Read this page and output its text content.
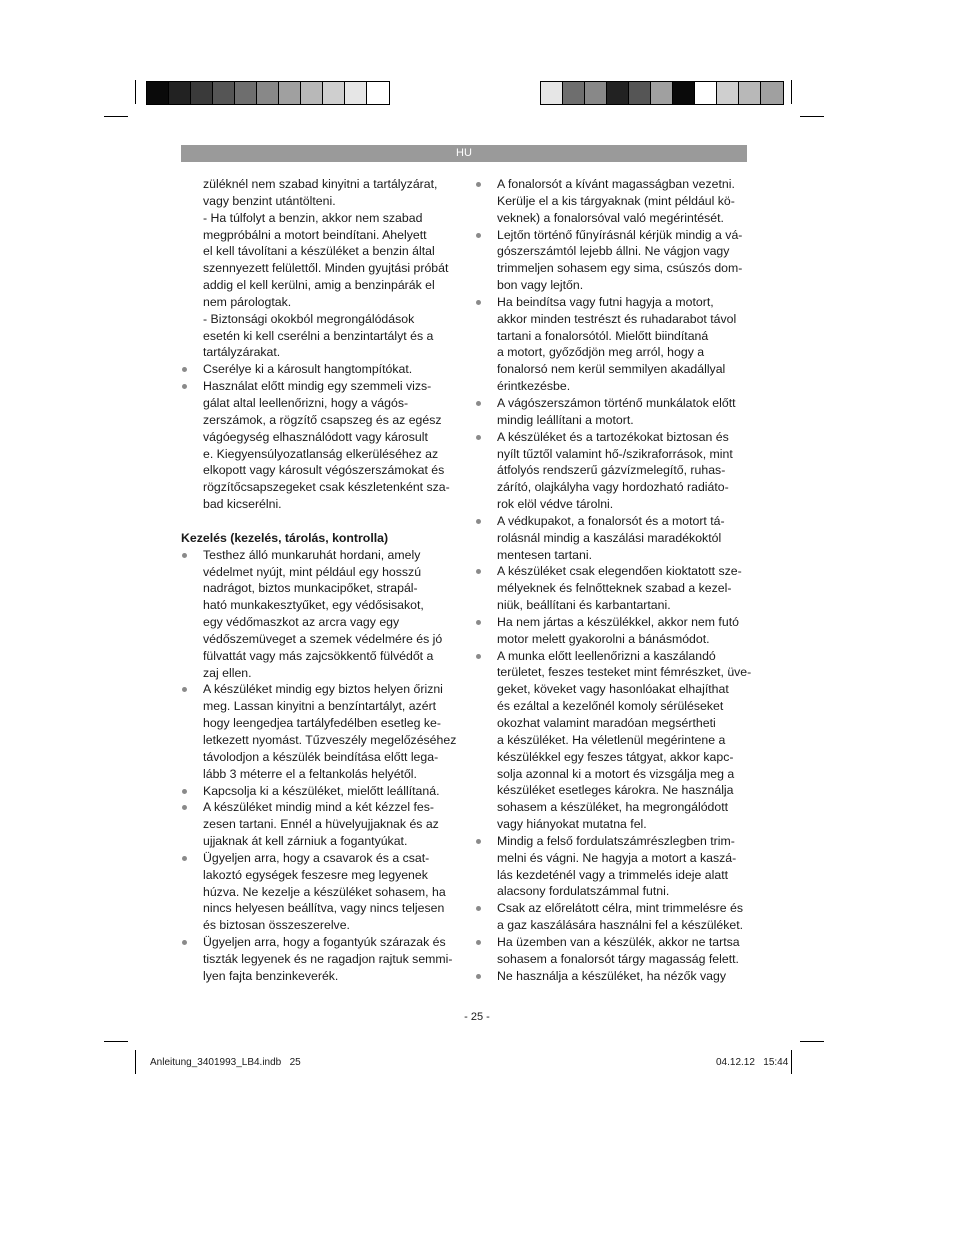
HU
züléknél nem szabad kinyitni a tartályzárat,
vagy benzint utántölteni.
- Ha túlfolyt a benzin, akkor nem szabad
megpróbálni a motort beindítani. Ahelyett
el kell távolítani a készüléket a benzin által
szennyezett felülettől. Minden gyujtási próbát
addig el kell kerülni, amig a benzinpárák el
nem párologtak.
- Biztonsági okokból megrongálódások
esetén ki kell cserélni a benzintartályt és a
tartályzárakat.
Cserélye ki a károsult hangtompítókat.
Használat előtt mindig egy szemmeli vizs-
gálat altal leellenőrizni, hogy a vágós-
zerszámok, a rögzítő csapszeg és az egész
vágóegység elhasználódott vagy károsult
e. Kiegyensúlyozatlanság elkerüléséhez az
elkopott vagy károsult végószerszámokat és
rögzítőcsapszegeket csak készletenként sza-
bad kicserélni.
Kezelés (kezelés, tárolás, kontrolla)
Testhez álló munkaruhát hordani, amely
védelmet nyújt, mint például egy hosszú
nadrágot, biztos munkacipőket, strapál-
ható munkakesztyűket, egy védősisakot,
egy védőmaszkot az arcra vagy egy
védőszemüveget a szemek védelmére és jó
fülvattát vagy más zajcsökkentő fülvédőt a
zaj ellen.
A készüléket mindig egy biztos helyen őrizni
meg. Lassan kinyitni a benzíntartályt, azért
hogy leengedjea tartályfedélben esetleg ke-
letkezett nyomást. Tűzveszély megelőzéséhez
távolodjon a készülék beindítása előtt lega-
lább 3 méterre el a feltankolás helyétől.
Kapcsolja ki a készüléket, mielőtt leállítaná.
A készüléket mindig mind a két kézzel fes-
zesen tartani. Ennél a hüvelyujjaknak és az
ujjaknak át kell zárniuk a fogantyúkat.
Ügyeljen arra, hogy a csavarok és a csat-
lakoztó egységek feszesre meg legyenek
húzva. Ne kezelje a készüléket sohasem, ha
nincs helyesen beállítva, vagy nincs teljesen
és biztosan összeszerelve.
Ügyeljen arra, hogy a fogantyúk szárazak és
tiszták legyenek és ne ragadjon rajtuk semmi-
lyen fajta benzinkeverék.
A fonalorsót a kívánt magasságban vezetni.
Kerülje el a kis tárgyaknak (mint például kö-
veknek) a fonalorsóval való megérintését.
Lejtőn történő fűnyírásnál kérjük mindig a vá-
gószerszámtól lejebb állni. Ne vágjon vagy
trimmeljen sohasem egy sima, csúszós dom-
bon vagy lejtőn.
Ha beindítsa vagy futni hagyja a motort,
akkor minden testrészt és ruhadarabot távol
tartani a fonalorsótól. Mielőtt biindítaná
a motort, győződjön meg arról, hogy a
fonalorsó nem kerül semmilyen akadállyal
érintkezésbe.
A vágószerszámon történő munkálatok előtt
mindig leállítani a motort.
A készüléket és a tartozékokat biztosan és
nyílt tűztől valamint hő-/szikraforrások, mint
átfolyós rendszerű gázvízmelegítő, ruhas-
zárító, olajkályha vagy hordozható radiáto-
rok elöl védve tárolni.
A védkupakot, a fonalorsót és a motort tá-
rolásnál mindig a kaszálási maradékoktól
mentesen tartani.
A készüléket csak elegendően kioktatott sze-
mélyeknek és felnőtteknek szabad a kezel-
niük, beállítani és karbantartani.
Ha nem jártas a készülékkel, akkor nem futó
motor melett gyakorolni a bánásmódot.
A munka előtt leellenőrizni a kaszálandó
területet, feszes testeket mint fémrészket, üve-
geket, köveket vagy hasonlóakat elhajíthat
és ezáltal a kezelőnél komoly sérüléseket
okozhat valamint maradóan megsértheti
a készüléket. Ha véletlenül megérintene a
készülékkel egy feszes tátgyat, akkor kapc-
solja azonnal ki a motort és vizsgálja meg a
készüléket esetleges károkra. Ne használja
sohasem a készüléket, ha megrongálódott
vagy hiányokat mutatna fel.
Mindig a felső fordulatszámrészlegben trim-
melni és vágni. Ne hagyja a motort a kaszá-
lás kezdeténél vagy a trimmelés ideje alatt
alacsony fordulatszámmal futni.
Csak az előrelátott célra, mint trimmelésre és
a gaz kaszálására használni fel a készüléket.
Ha üzemben van a készülék, akkor ne tartsa
sohasem a fonalorsót tárgy magasság felett.
Ne használja a készüléket, ha nézők vagy
- 25 -
Anleitung_3401993_LB4.indb   25	04.12.12   15:44
